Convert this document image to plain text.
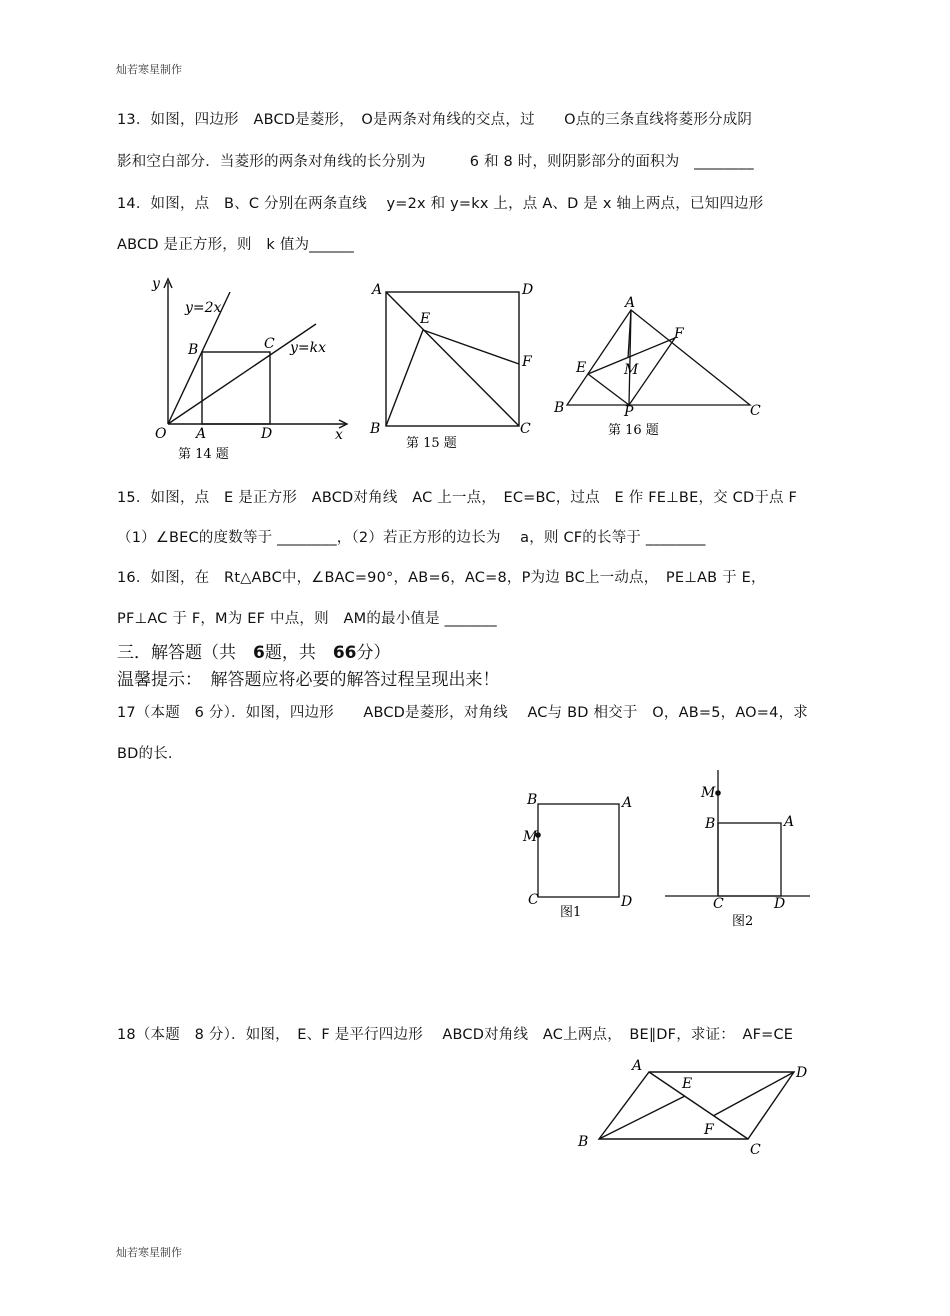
灿若寒星制作
13．如图，四边形　ABCD是菱形，　O是两条对角线的交点，过　　O点的三条直线将菱形分成阴
影和空白部分．当菱形的两条对角线的长分别为　　　6 和 8 时，则阴影部分的面积为　________
14．如图，点　B、C 分别在两条直线　 y=2x 和 y=kx 上，点 A、D 是 x 轴上两点，已知四边形
ABCD 是正方形，则　k 值为______
y
x
O A	D
B	C
y=2x
y=kx
第 14 题
A	D
E
F
B	C
第 15 题
A
E
F
M
B	P	C
第 16 题
15．如图，点　E 是正方形　ABCD对角线　AC 上一点，　EC=BC，过点　E 作 FE⊥BE，交 CD于点 F
（1）∠BEC的度数等于 ________，（2）若正方形的边长为　 a，则 CF的长等于 ________
16．如图，在　Rt△ABC中，∠BAC=90°，AB=6，AC=8，P为边 BC上一动点，　PE⊥AB 于 E，
PF⊥AC 于 F，M为 EF 中点，则　AM的最小值是 _______
三．解答题（共　6题，共　66分）
温馨提示：　解答题应将必要的解答过程呈现出来！
17（本题　6 分）．如图，四边形　　ABCD是菱形，对角线　 AC与 BD 相交于　O，AB=5，AO=4，求
BD的长.
B	A
M
C	D
图1
M
B	A
C	D
图2
18（本题　8 分）．如图，　E、F 是平行四边形　 ABCD对角线　AC上两点，　BE∥DF，求证：　AF=CE
A
E
D
F
B	C
灿若寒星制作
